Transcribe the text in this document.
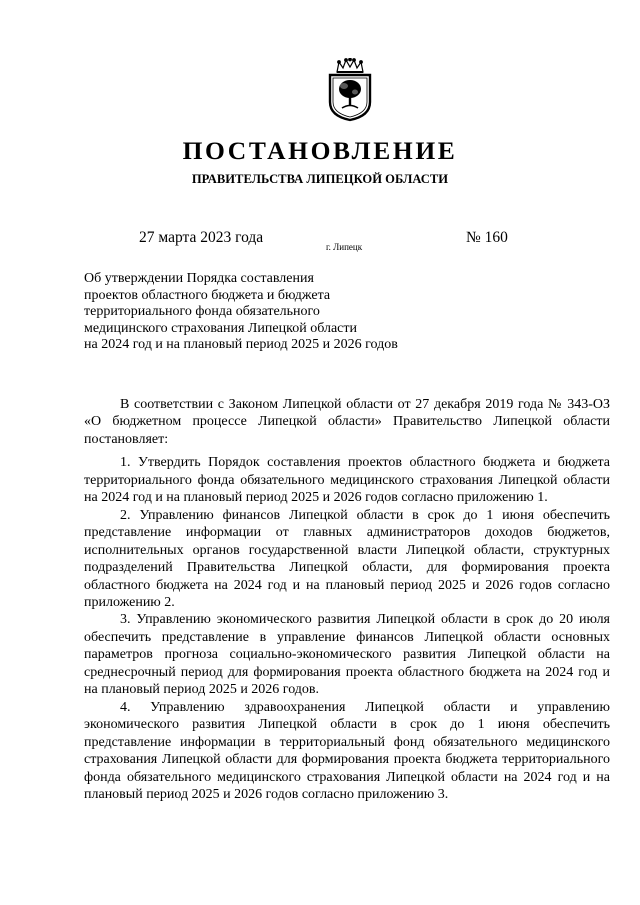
ПОСТАНОВЛЕНИЕ
ПРАВИТЕЛЬСТВА ЛИПЕЦКОЙ ОБЛАСТИ
27 марта 2023 года
г. Липецк
№ 160
Об утверждении Порядка составления
проектов областного бюджета и бюджета
территориального фонда обязательного
медицинского страхования Липецкой области
на 2024 год и на плановый период 2025 и 2026 годов

В соответствии с Законом Липецкой области от 27 декабря 2019 года № 343-ОЗ «О бюджетном процессе Липецкой области» Правительство Липецкой области постановляет:

1. Утвердить Порядок составления проектов областного бюджета и бюджета территориального фонда обязательного медицинского страхования Липецкой области на 2024 год и на плановый период 2025 и 2026 годов согласно приложению 1.

2. Управлению финансов Липецкой области в срок до 1 июня обеспечить представление информации от главных администраторов доходов бюджетов, исполнительных органов государственной власти Липецкой области, структурных подразделений Правительства Липецкой области, для формирования проекта областного бюджета на 2024 год и на плановый период 2025 и 2026 годов согласно приложению 2.

3. Управлению экономического развития Липецкой области в срок до 20 июля обеспечить представление в управление финансов Липецкой области основных параметров прогноза социально-экономического развития Липецкой области на среднесрочный период для формирования проекта областного бюджета на 2024 год и на плановый период 2025 и 2026 годов.

4. Управлению здравоохранения Липецкой области и управлению экономического развития Липецкой области в срок до 1 июня обеспечить представление информации в территориальный фонд обязательного медицинского страхования Липецкой области для формирования проекта бюджета территориального фонда обязательного медицинского страхования Липецкой области на 2024 год и на плановый период 2025 и 2026 годов согласно приложению 3.
